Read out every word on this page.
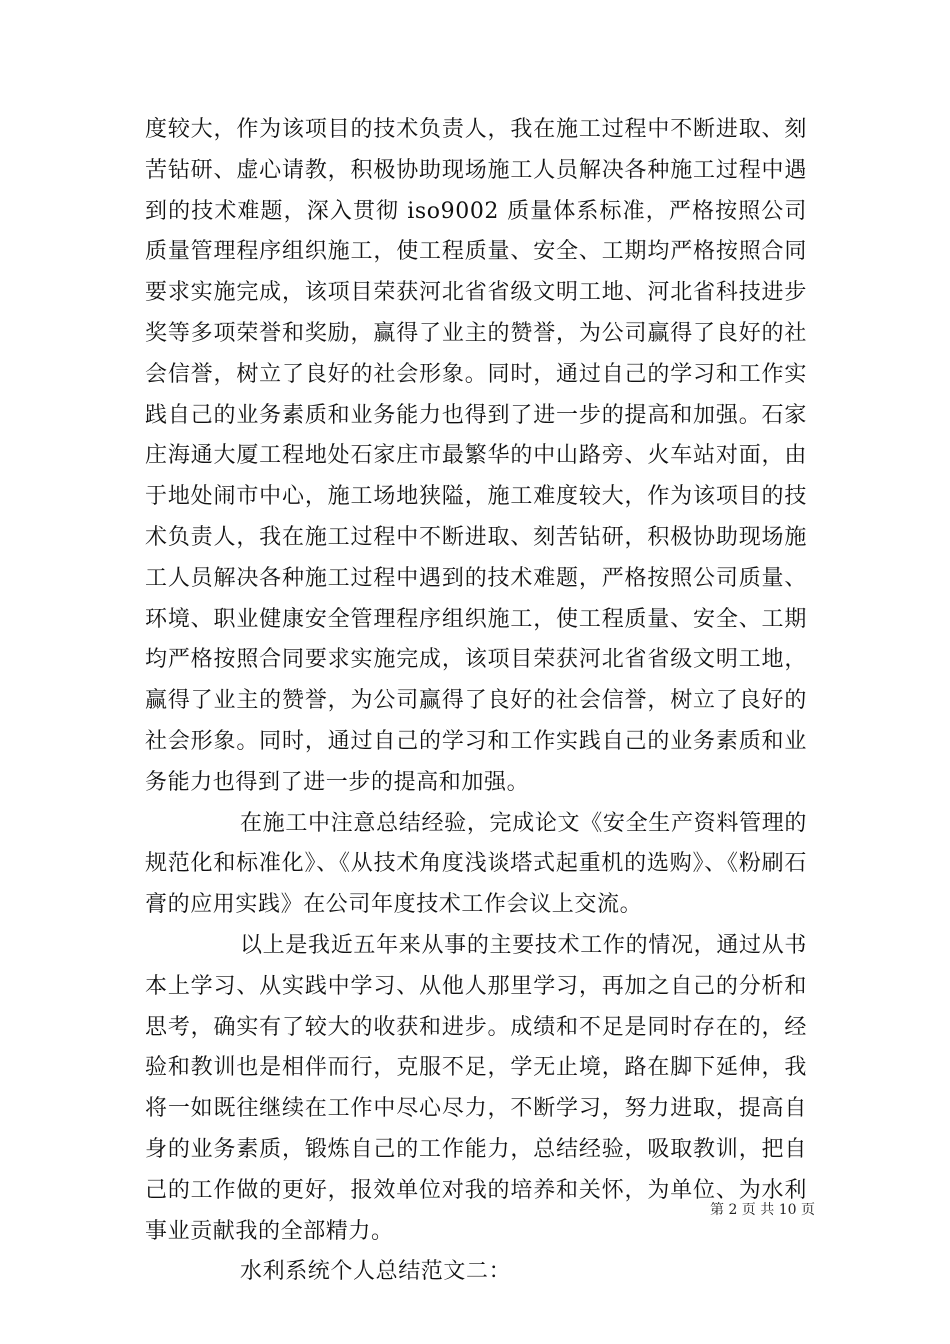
度较大，作为该项目的技术负责人，我在施工过程中不断进取、刻苦钻研、虚心请教，积极协助现场施工人员解决各种施工过程中遇到的技术难题，深入贯彻 iso9002 质量体系标准，严格按照公司质量管理程序组织施工，使工程质量、安全、工期均严格按照合同要求实施完成，该项目荣获河北省省级文明工地、河北省科技进步奖等多项荣誉和奖励，赢得了业主的赞誉，为公司赢得了良好的社会信誉，树立了良好的社会形象。同时，通过自己的学习和工作实践自己的业务素质和业务能力也得到了进一步的提高和加强。石家庄海通大厦工程地处石家庄市最繁华的中山路旁、火车站对面，由于地处闹市中心，施工场地狭隘，施工难度较大，作为该项目的技术负责人，我在施工过程中不断进取、刻苦钻研，积极协助现场施工人员解决各种施工过程中遇到的技术难题，严格按照公司质量、环境、职业健康安全管理程序组织施工，使工程质量、安全、工期均严格按照合同要求实施完成，该项目荣获河北省省级文明工地，赢得了业主的赞誉，为公司赢得了良好的社会信誉，树立了良好的社会形象。同时，通过自己的学习和工作实践自己的业务素质和业务能力也得到了进一步的提高和加强。

在施工中注意总结经验，完成论文《安全生产资料管理的规范化和标准化》、《从技术角度浅谈塔式起重机的选购》、《粉刷石膏的应用实践》在公司年度技术工作会议上交流。

以上是我近五年来从事的主要技术工作的情况，通过从书本上学习、从实践中学习、从他人那里学习，再加之自己的分析和思考，确实有了较大的收获和进步。成绩和不足是同时存在的，经验和教训也是相伴而行，克服不足，学无止境，路在脚下延伸，我将一如既往继续在工作中尽心尽力，不断学习，努力进取，提高自身的业务素质，锻炼自己的工作能力，总结经验，吸取教训，把自己的工作做的更好，报效单位对我的培养和关怀，为单位、为水利事业贡献我的全部精力。

水利系统个人总结范文二：

第 2 页 共 10 页
